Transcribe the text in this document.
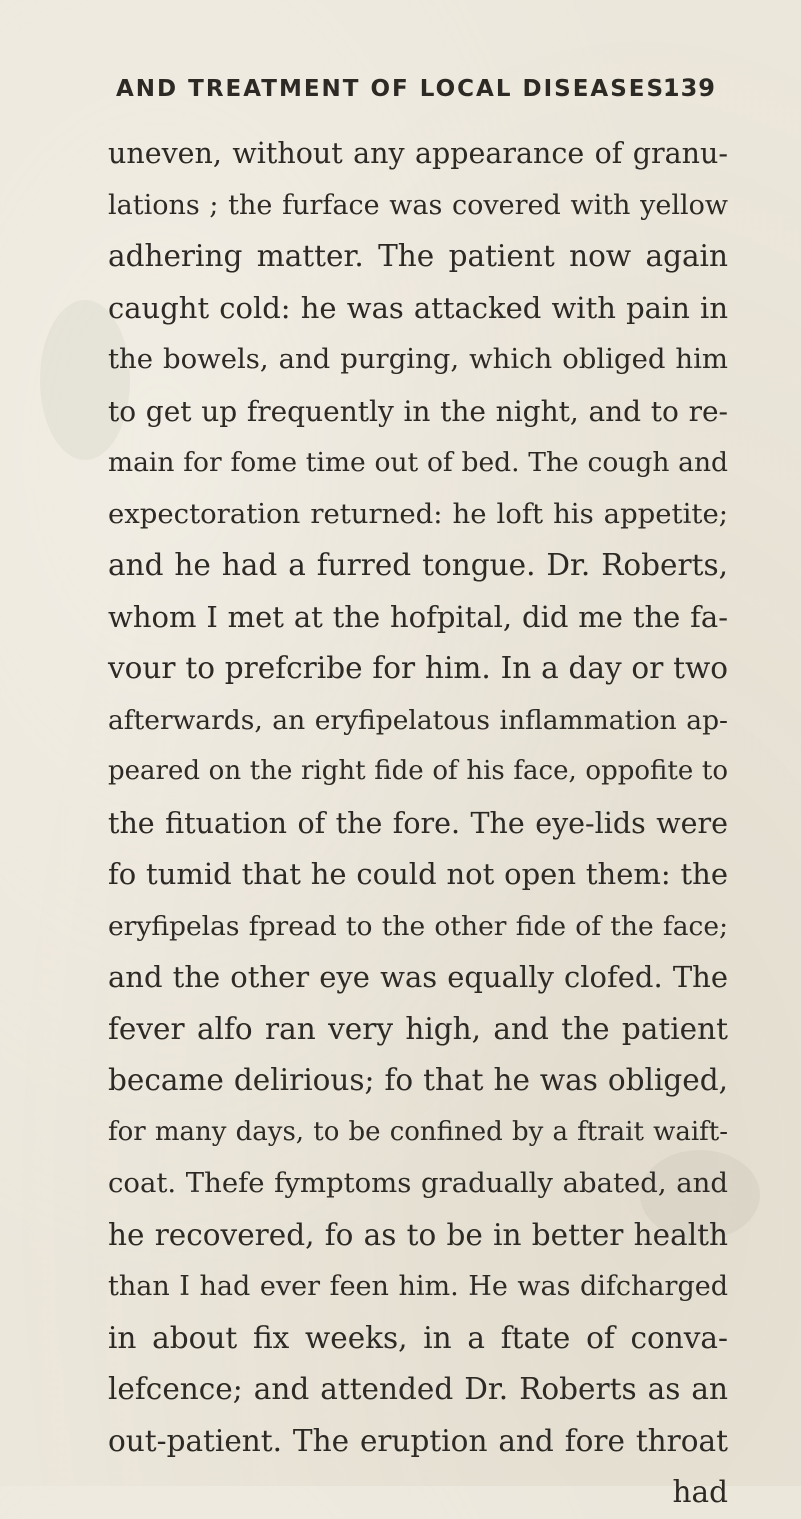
AND TREATMENT OF LOCAL DISEASES.
139
uneven, without any appearance of granu-
lations ; the furface was covered with yellow
adhering matter. The patient now again
caught cold: he was attacked with pain in
the bowels, and purging, which obliged him
to get up frequently in the night, and to re-
main for fome time out of bed. The cough and
expectoration returned: he loft his appetite;
and he had a furred tongue. Dr. Roberts,
whom I met at the hofpital, did me the fa-
vour to prefcribe for him. In a day or two
afterwards, an eryfipelatous inflammation ap-
peared on the right fide of his face, oppofite to
the fituation of the fore. The eye-lids were
fo tumid that he could not open them: the
eryfipelas fpread to the other fide of the face;
and the other eye was equally clofed. The
fever alfo ran very high, and the patient
became delirious; fo that he was obliged,
for many days, to be confined by a ftrait waift-
coat. Thefe fymptoms gradually abated, and
he recovered, fo as to be in better health
than I had ever feen him. He was difcharged
in about fix weeks, in a ftate of conva-
lefcence; and attended Dr. Roberts as an
out-patient. The eruption and fore throat
had
